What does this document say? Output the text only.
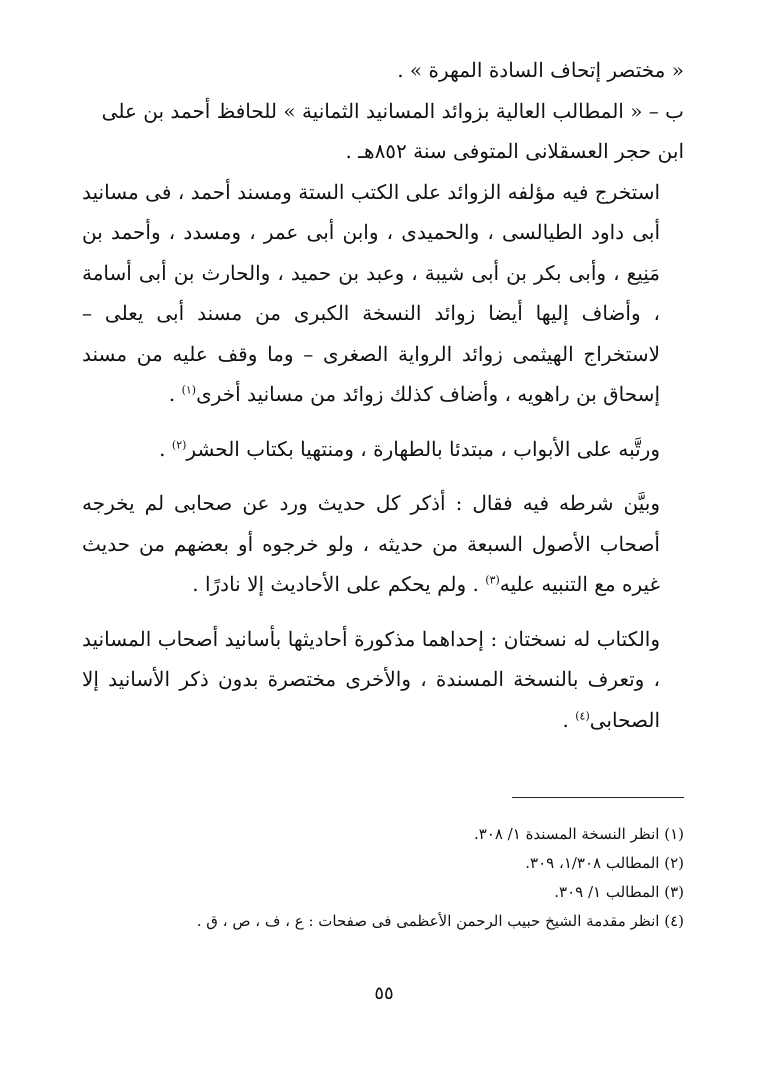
« مختصر إتحاف السادة المهرة » .

ب – « المطالب العالية بزوائد المسانيد الثمانية » للحافظ أحمد بن على
ابن حجر العسقلانى المتوفى سنة ٨٥٢هـ .

استخرج فيه مؤلفه الزوائد على الكتب الستة ومسند أحمد ، فى مسانيد أبى داود الطيالسى ، والحميدى ، وابن أبى عمر ، ومسدد ، وأحمد بن مَنِيع ، وأبى بكر بن أبى شيبة ، وعبد بن حميد ، والحارث بن أبى أسامة ، وأضاف إليها أيضا زوائد النسخة الكبرى من مسند أبى يعلى – لاستخراج الهيثمى زوائد الرواية الصغرى – وما وقف عليه من مسند إسحاق بن راهويه ، وأضاف كذلك زوائد من مسانيد أخرى$^{(١)}$ .

ورتَّبه على الأبواب ، مبتدئا بالطهارة ، ومنتهيا بكتاب الحشر$^{(٢)}$ .

وبيَّن شرطه فيه فقال : أذكر كل حديث ورد عن صحابى لم يخرجه أصحاب الأصول السبعة من حديثه ، ولو خرجوه أو بعضهم من حديث غيره مع التنبيه عليه$^{(٣)}$ . ولم يحكم على الأحاديث إلا نادرًا .

والكتاب له نسختان : إحداهما مذكورة أحاديثها بأسانيد أصحاب المسانيد ، وتعرف بالنسخة المسندة ، والأخرى مختصرة بدون ذكر الأسانيد إلا الصحابى$^{(٤)}$ .

(١) انظر النسخة المسندة ١/ ٣٠٨.
(٢) المطالب ١/٣٠٨، ٣٠٩.
(٣) المطالب ١/ ٣٠٩.
(٤) انظر مقدمة الشيخ حبيب الرحمن الأعظمى فى صفحات : ع ، ف ، ص ، ق .
٥٥
